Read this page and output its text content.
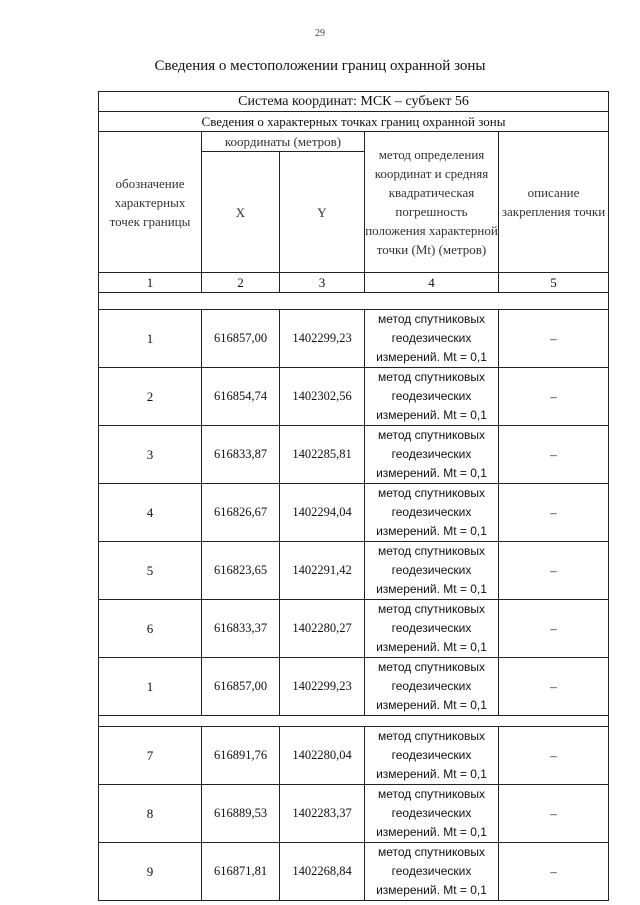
29
Сведения о местоположении границ охранной зоны
Система координат: МСК – субъект 56				
Сведения о характерных точках границ охранной зоны				
обозначение характерных точек границы	координаты (метров)		метод определения координат и средняя квадратическая погрешность положения характерной точки (Mt) (метров)	описание закрепления точки
	X	Y		
1	2	3	4	5

1	616857,00	1402299,23	метод спутниковых геодезических измерений. Mt = 0,1	–
2	616854,74	1402302,56	метод спутниковых геодезических измерений. Mt = 0,1	–
3	616833,87	1402285,81	метод спутниковых геодезических измерений. Mt = 0,1	–
4	616826,67	1402294,04	метод спутниковых геодезических измерений. Mt = 0,1	–
5	616823,65	1402291,42	метод спутниковых геодезических измерений. Mt = 0,1	–
6	616833,37	1402280,27	метод спутниковых геодезических измерений. Mt = 0,1	–
1	616857,00	1402299,23	метод спутниковых геодезических измерений. Mt = 0,1	–

7	616891,76	1402280,04	метод спутниковых геодезических измерений. Mt = 0,1	–
8	616889,53	1402283,37	метод спутниковых геодезических измерений. Mt = 0,1	–
9	616871,81	1402268,84	метод спутниковых геодезических измерений. Mt = 0,1	–
